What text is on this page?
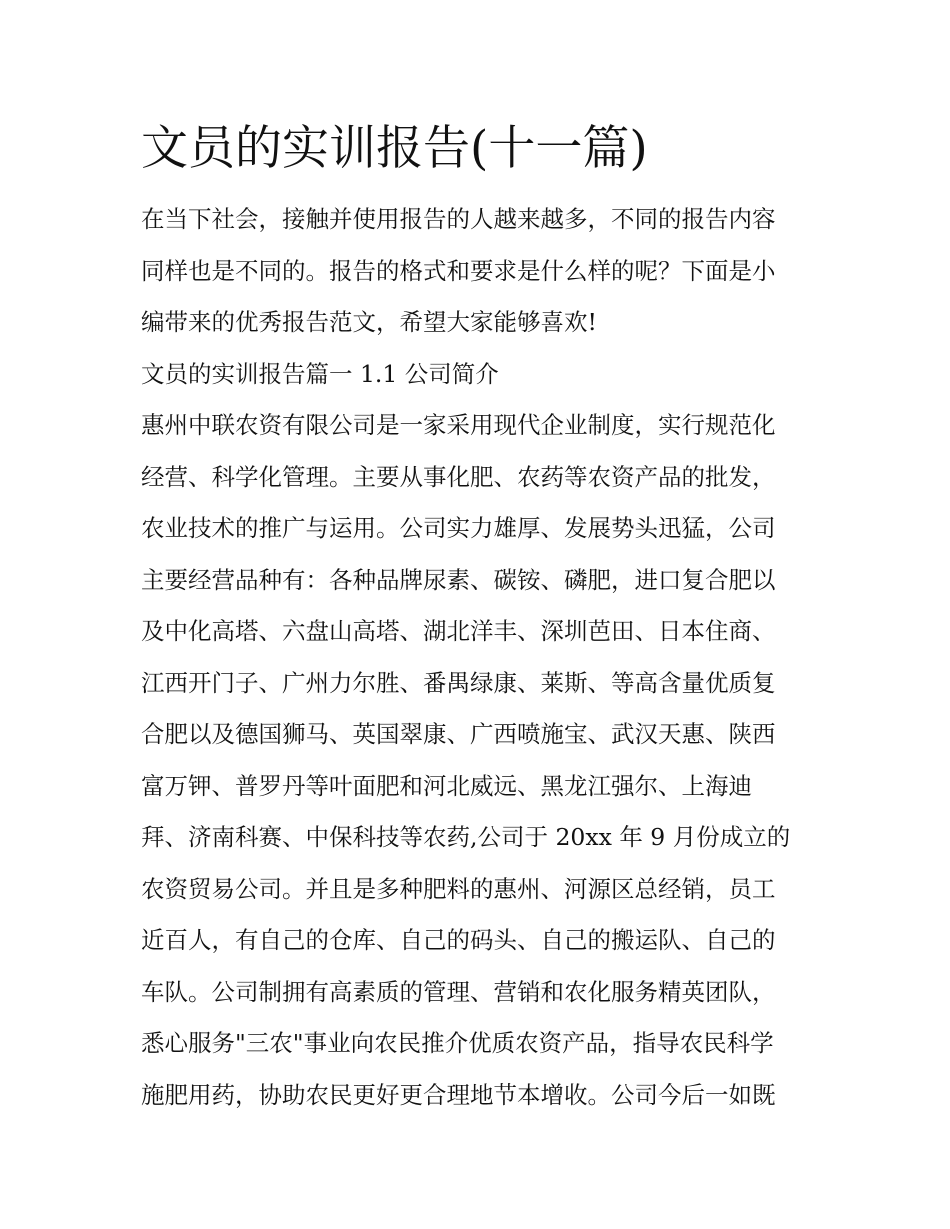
文员的实训报告(十一篇)

在当下社会，接触并使用报告的人越来越多，不同的报告内容

同样也是不同的。报告的格式和要求是什么样的呢？下面是小

编带来的优秀报告范文，希望大家能够喜欢!

文员的实训报告篇一 1.1 公司简介

惠州中联农资有限公司是一家采用现代企业制度，实行规范化

经营、科学化管理。主要从事化肥、农药等农资产品的批发，

农业技术的推广与运用。公司实力雄厚、发展势头迅猛，公司

主要经营品种有：各种品牌尿素、碳铵、磷肥，进口复合肥以

及中化高塔、六盘山高塔、湖北洋丰、深圳芭田、日本住商、

江西开门子、广州力尔胜、番禺绿康、莱斯、等高含量优质复

合肥以及德国狮马、英国翠康、广西喷施宝、武汉天惠、陕西

富万钾、普罗丹等叶面肥和河北威远、黑龙江强尔、上海迪

拜、济南科赛、中保科技等农药,公司于 20xx 年 9 月份成立的

农资贸易公司。并且是多种肥料的惠州、河源区总经销，员工

近百人，有自己的仓库、自己的码头、自己的搬运队、自己的

车队。公司制拥有高素质的管理、营销和农化服务精英团队，

悉心服务"三农"事业向农民推介优质农资产品，指导农民科学

施肥用药，协助农民更好更合理地节本增收。公司今后一如既
